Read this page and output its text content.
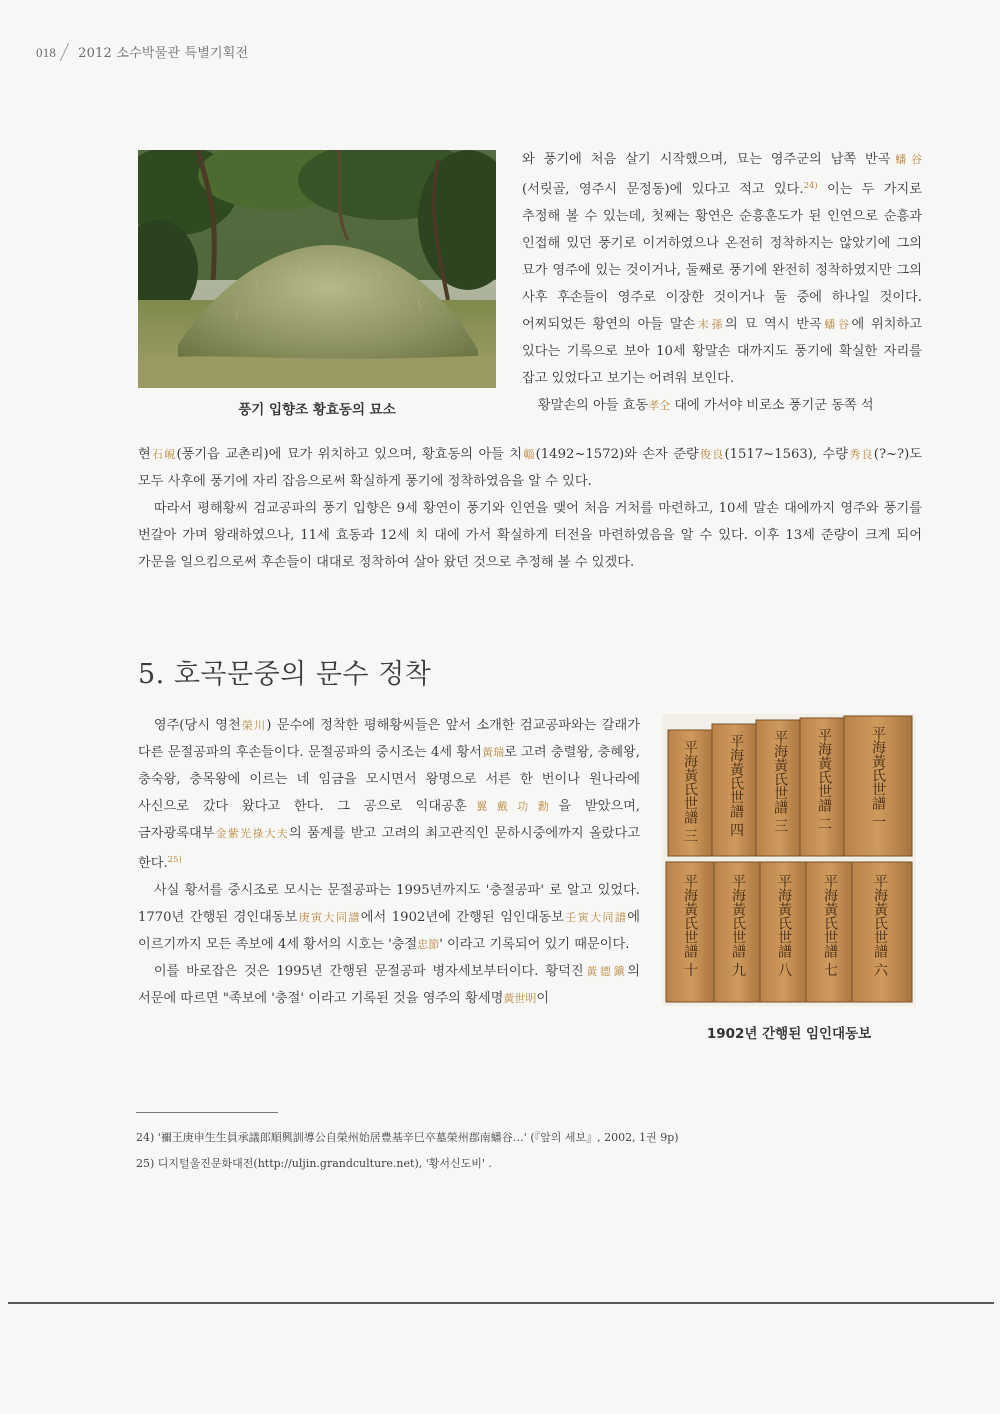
018 2012 소수박물관 특별기획전
풍기 입향조 황효동의 묘소

와 풍기에 처음 살기 시작했으며, 묘는 영주군의 남쪽 반곡蟠谷(서릿골, 영주시 문정동)에 있다고 적고 있다.$^{24)}$ 이는 두 가지로 추정해 볼 수 있는데, 첫째는 황연은 순흥훈도가 된 인연으로 순흥과 인접해 있던 풍기로 이거하였으나 온전히 정착하지는 않았기에 그의 묘가 영주에 있는 것이거나, 둘째로 풍기에 완전히 정착하였지만 그의 사후 후손들이 영주로 이장한 것이거나 둘 중에 하나일 것이다. 어찌되었든 황연의 아들 말손末孫의 묘 역시 반곡蟠谷에 위치하고 있다는 기록으로 보아 10세 황말손 대까지도 풍기에 확실한 자리를 잡고 있었다고 보기는 어려워 보인다.

황말손의 아들 효동孝仝 대에 가서야 비로소 풍기군 동쪽 석

현石峴(풍기읍 교촌리)에 묘가 위치하고 있으며, 황효동의 아들 치輜(1492~1572)와 손자 준량俊良(1517~1563), 수량秀良(?~?)도 모두 사후에 풍기에 자리 잡음으로써 확실하게 풍기에 정착하였음을 알 수 있다.

따라서 평해황씨 검교공파의 풍기 입향은 9세 황연이 풍기와 인연을 맺어 처음 거처를 마련하고, 10세 말손 대에까지 영주와 풍기를 번갈아 가며 왕래하였으나, 11세 효동과 12세 치 대에 가서 확실하게 터전을 마련하였음을 알 수 있다. 이후 13세 준량이 크게 되어 가문을 일으킴으로써 후손들이 대대로 정착하여 살아 왔던 것으로 추정해 볼 수 있겠다.

5. 호곡문중의 문수 정착

영주(당시 영천榮川) 문수에 정착한 평해황씨들은 앞서 소개한 검교공파와는 갈래가 다른 문절공파의 후손들이다. 문절공파의 중시조는 4세 황서黃瑞로 고려 충렬왕, 충혜왕, 충숙왕, 충목왕에 이르는 네 임금을 모시면서 왕명으로 서른 한 번이나 원나라에 사신으로 갔다 왔다고 한다. 그 공으로 익대공훈翼戴功勳을 받았으며, 금자광록대부金紫光祿大夫의 품계를 받고 고려의 최고관직인 문하시중에까지 올랐다고 한다.$^{25)}$

사실 황서를 중시조로 모시는 문절공파는 1995년까지도 '충절공파' 로 알고 있었다. 1770년 간행된 경인대동보庚寅大同譜에서 1902년에 간행된 임인대동보壬寅大同譜에 이르기까지 모든 족보에 4세 황서의 시호는 '충절忠節' 이라고 기록되어 있기 때문이다.

이를 바로잡은 것은 1995년 간행된 문절공파 병자세보부터이다. 황덕진黃德鎭의 서문에 따르면 "족보에 '충절' 이라고 기록된 것을 영주의 황세명黃世明이

平海黃氏世譜 三 平海黃氏世譜 四 平海黃氏世譜 三 平海黃氏世譜 二	平海黃氏世譜 一
平海黃氏世譜 十 平海黃氏世譜 九 平海黃氏世譜 八 平海黃氏世譜 七 平海黃氏世譜 六
1902년 간행된 임인대동보
24) '禰王庚申生生員承議郎順興訓導公自榮州始居豊基辛巳卒墓榮州郡南蟠谷…' (『앞의 세보』, 2002, 1권 9p)
25) 디지털울진문화대전(http://uljin.grandculture.net), '황서신도비' .
